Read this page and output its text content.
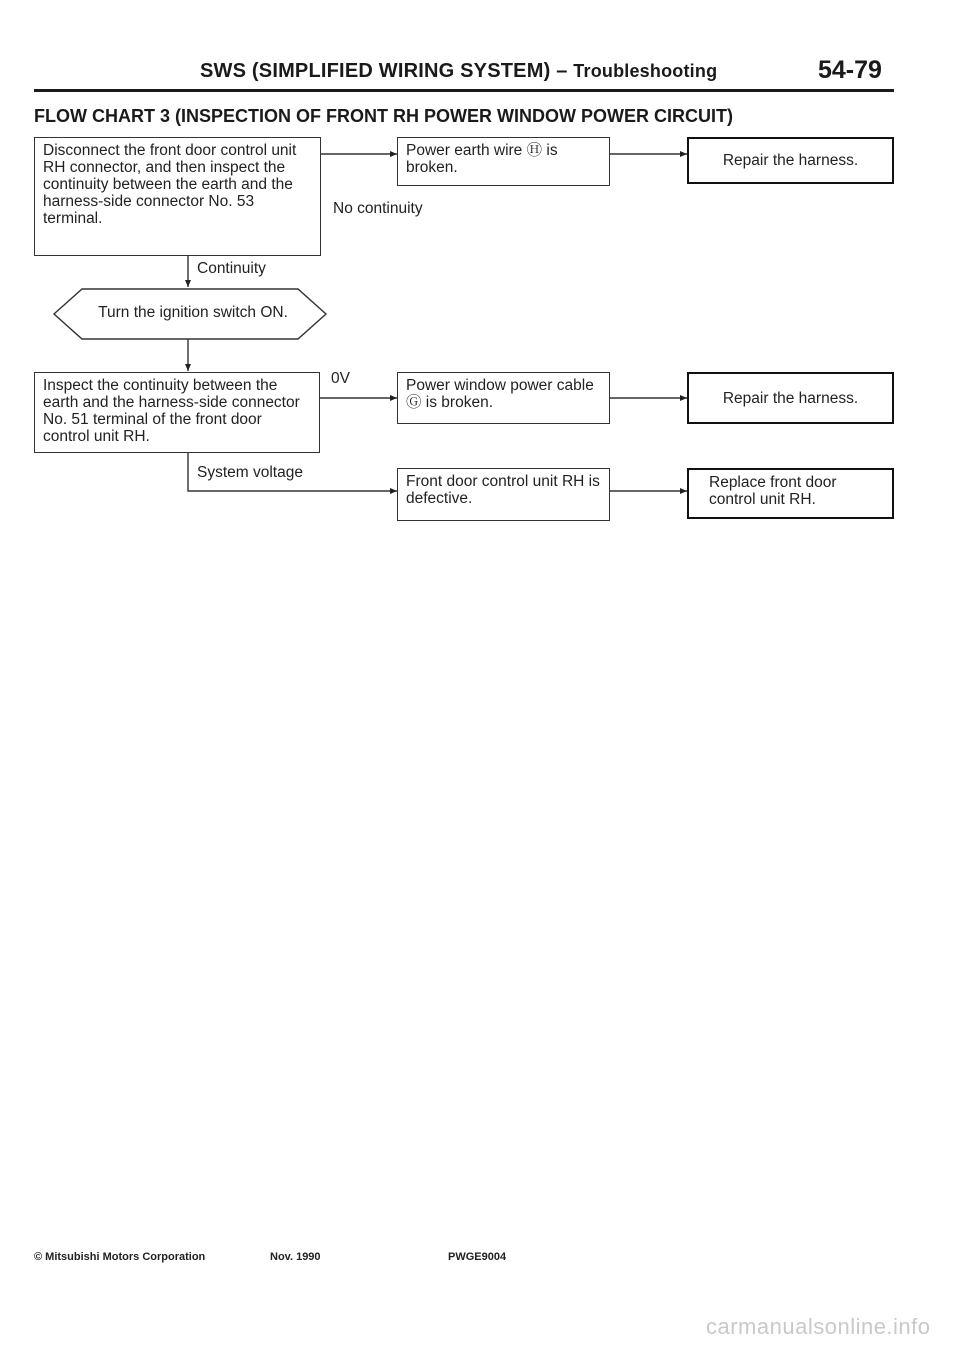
SWS (SIMPLIFIED WIRING SYSTEM) – Troubleshooting	54-79
FLOW CHART 3 (INSPECTION OF FRONT RH POWER WINDOW POWER CIRCUIT)
Disconnect the front door control unit RH connector, and then inspect the continuity between the earth and the harness-side connector No. 53 terminal.
Power earth wire Ⓗ is broken.	Repair the harness.
No continuity
Continuity
Turn the ignition switch ON.
Inspect the continuity between the earth and the harness-side connector No. 51 terminal of the front door control unit RH.
0V	Power window power cable Ⓖ is broken.	Repair the harness.
System voltage
Front door control unit RH is defective.
Replace front door control unit RH.
© Mitsubishi Motors Corporation	Nov. 1990	PWGE9004
carmanualsonline.info
